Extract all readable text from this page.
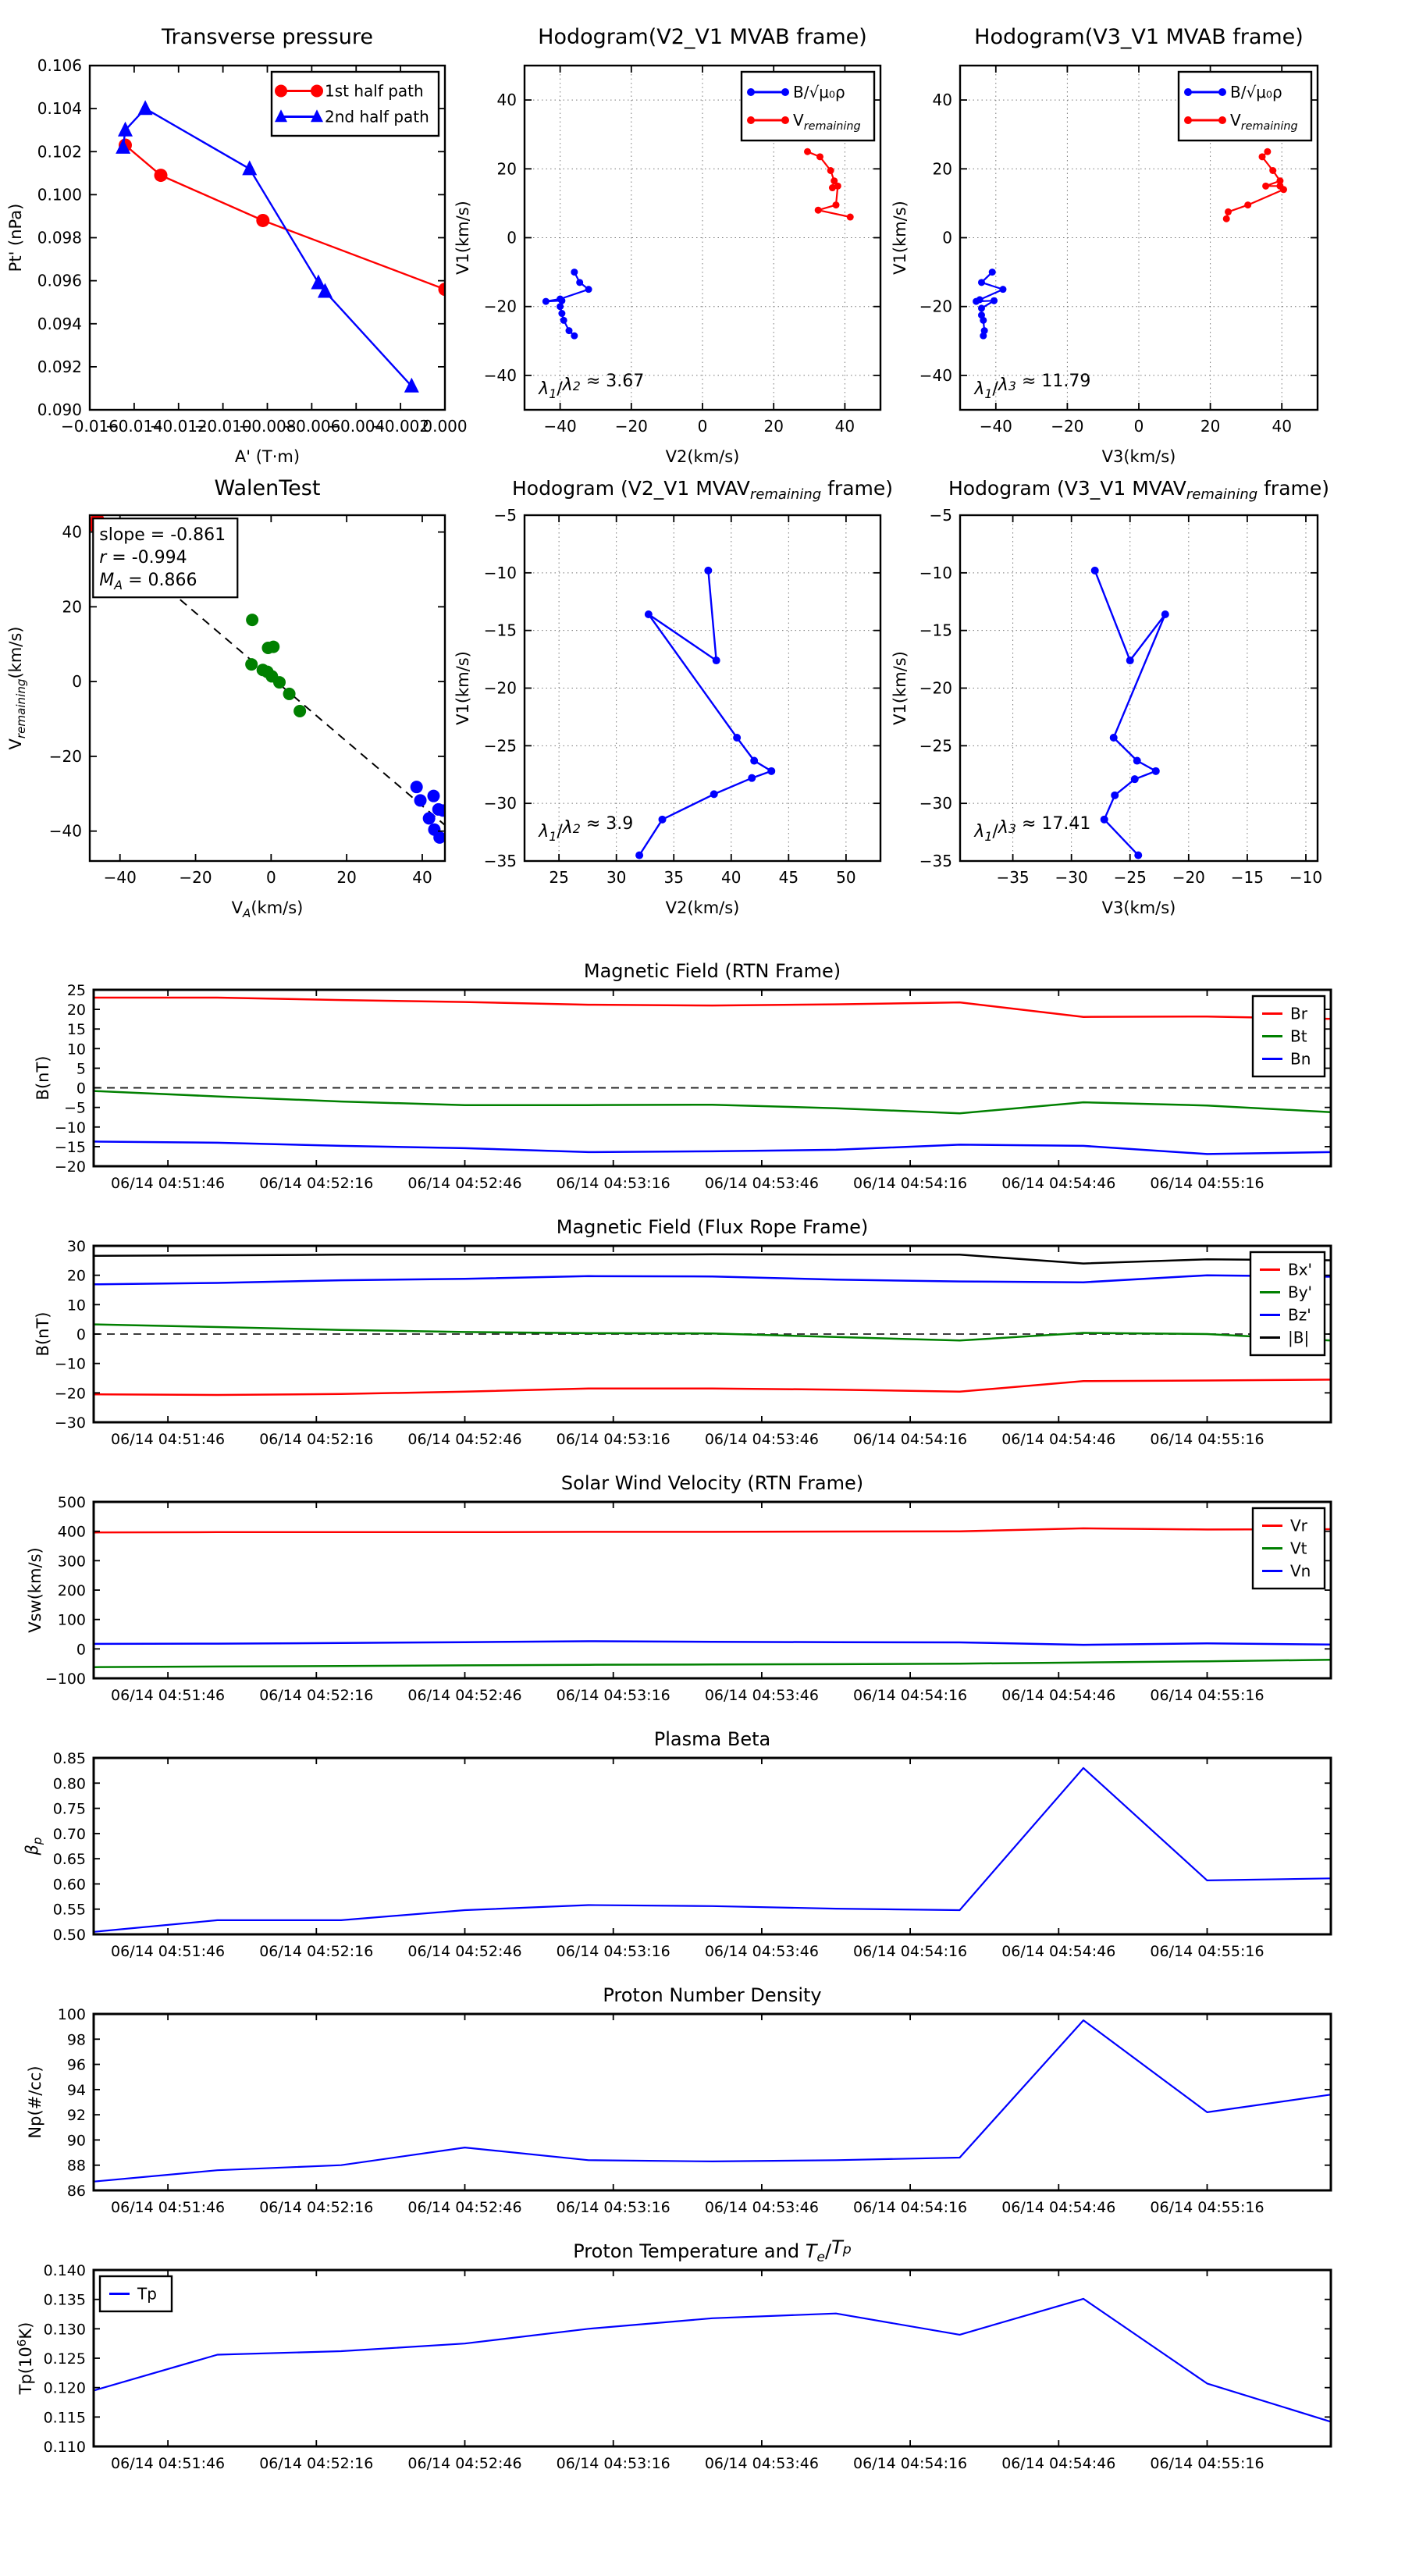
−0.016
−0.014
−0.012
−0.010
−0.008
−0.006
−0.004
−0.002
0.000
0.090
0.092
0.094
0.096
0.098
0.100
0.102
0.104
0.106
Transverse pressure
A' (T·m)
Pt' (nPa)
1st half path
2nd half path
−40 −20	0	20	40
−40
−20
0
20
40
Hodogram(V2_V1 MVAB frame)
V2(km/s)
V1(km/s)
B/√μ₀ρ
$V_{remaining}$
$\lambda_1/\lambda 2 \approx 3.67$
−40 −20	0	20	40
−40
−20
0
20
40
Hodogram(V3_V1 MVAB frame)
V3(km/s)
V1(km/s)
B/√μ₀ρ
$V_{remaining}$
$\lambda_1/\lambda 3 \approx 11.79$
−40	−20	0	20	40
−40
−20
0
20
40
WalenTest
$V_A(km/s)$
$V_{remaining}(km/s)$
slope = -0.861
r = -0.994
$M_A = 0.866$
25 30 35 40 45 50
−35
−30
−25
−20
−15
−10
−5
Hodogram (V2_V1 $MVAV_{remaining}$ frame)
V2(km/s)
V1(km/s)
$\lambda_1/\lambda 2 \approx 3.9$
−35 −30 −25 −20 −15 −10
−35
−30
−25
−20
−15
−10
−5
Hodogram (V3_V1 $MVAV_{remaining}$ frame)
V3(km/s)
V1(km/s)
$\lambda_1/\lambda 3 \approx 17.41$
06/14 04:51:46 06/14 04:52:16 06/14 04:52:46 06/14 04:53:16 06/14 04:53:46 06/14 04:54:16 06/14 04:54:46 06/14 04:55:16
−20
−15
−10
−5
0
5
10
15
20
25
Magnetic Field (RTN Frame)
B(nT)
Br
Bt
Bn
06/14 04:51:46 06/14 04:52:16 06/14 04:52:46 06/14 04:53:16 06/14 04:53:46 06/14 04:54:16 06/14 04:54:46 06/14 04:55:16
−30
−20
−10
0
10
20
30
Magnetic Field (Flux Rope Frame)
B(nT)
Bx'
By'
Bz'
|B|
06/14 04:51:46 06/14 04:52:16 06/14 04:52:46 06/14 04:53:16 06/14 04:53:46 06/14 04:54:16 06/14 04:54:46 06/14 04:55:16
−100
0
100
200
300
400
500
Solar Wind Velocity (RTN Frame)
Vsw(km/s)
Vr
Vt
Vn
06/14 04:51:46 06/14 04:52:16 06/14 04:52:46 06/14 04:53:16 06/14 04:53:46 06/14 04:54:16 06/14 04:54:46 06/14 04:55:16
0.50
0.55
0.60
0.65
0.70
0.75
0.80
0.85
Plasma Beta
$\beta_p$
06/14 04:51:46 06/14 04:52:16 06/14 04:52:46 06/14 04:53:16 06/14 04:53:46 06/14 04:54:16 06/14 04:54:46 06/14 04:55:16
86
88
90
92
94
96
98
100
Proton Number Density
Np(#/cc)
06/14 04:51:46 06/14 04:52:16 06/14 04:52:46 06/14 04:53:16 06/14 04:53:46 06/14 04:54:16 06/14 04:54:46 06/14 04:55:16
0.110
0.115
0.120
0.125
0.130
0.135
0.140
Proton Temperature and $T_e/Tp$
$Tp(10^6K)$
Tp
